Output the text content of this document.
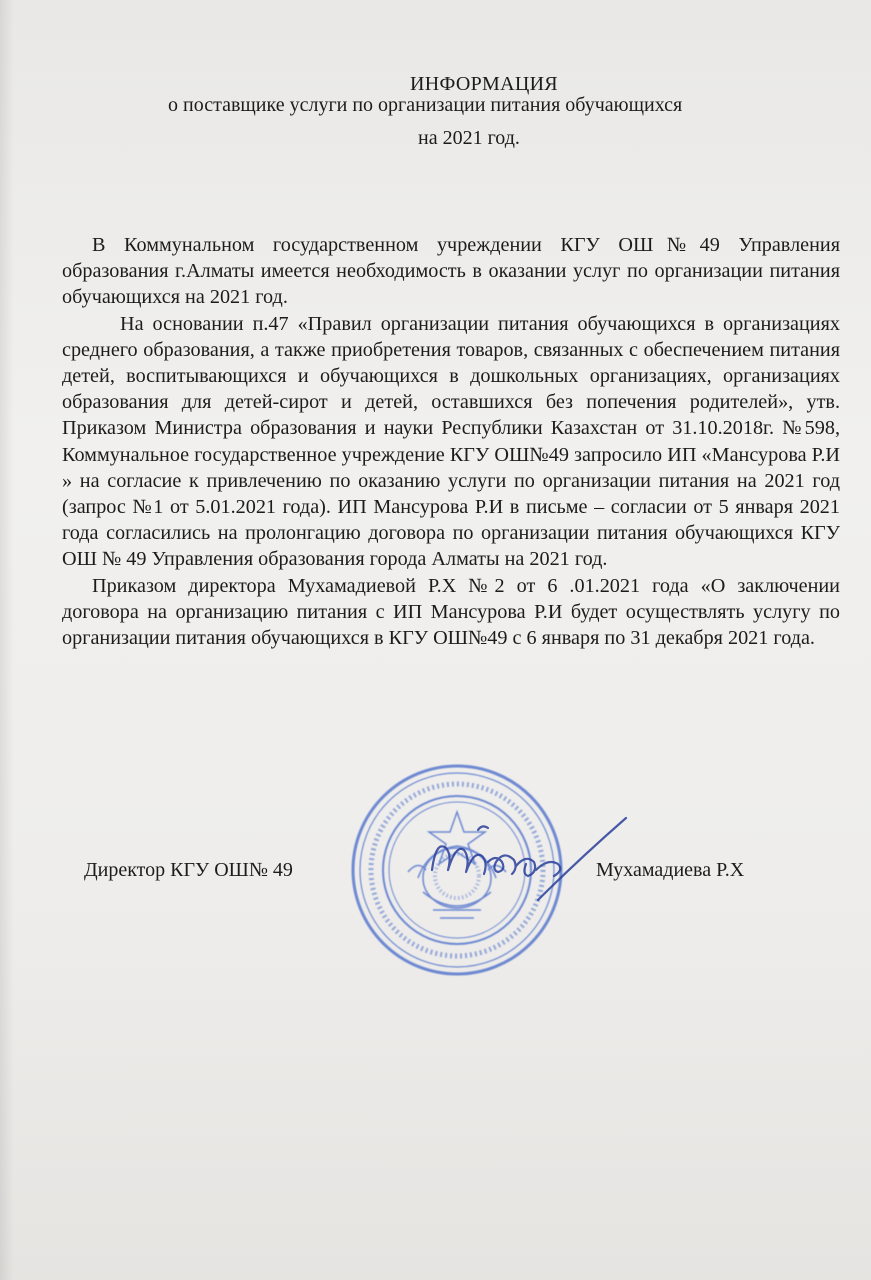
ИНФОРМАЦИЯ
о поставщике услуги по организации питания обучающихся
на 2021 год.

В Коммунальном государственном учреждении КГУ ОШ№49 Управления образования г.Алматы имеется необходимость в оказании услуг по организации питания обучающихся на 2021 год.

На основании п.47 «Правил организации питания обучающихся в организациях среднего образования, а также приобретения товаров, связанных с обеспечением питания детей, воспитывающихся и обучающихся в дошкольных организациях, организациях образования для детей-сирот и детей, оставшихся без попечения родителей», утв. Приказом Министра образования и науки Республики Казахстан от 31.10.2018г. №598, Коммунальное государственное учреждение КГУ ОШ№49 запросило ИП «Мансурова Р.И » на согласие к привлечению по оказанию услуги по организации питания на 2021 год (запрос №1 от 5.01.2021 года). ИП Мансурова Р.И в письме – согласии от 5 января 2021 года согласились на пролонгацию договора по организации питания обучающихся КГУ ОШ № 49 Управления образования города Алматы на 2021 год.

Приказом директора Мухамадиевой Р.Х №2 от 6 .01.2021 года «О заключении договора на организацию питания с ИП Мансурова Р.И будет осуществлять услугу по организации питания обучающихся в КГУ ОШ№49 с 6 января по 31 декабря 2021 года.

Директор КГУ ОШ№ 49	Мухамадиева Р.Х
